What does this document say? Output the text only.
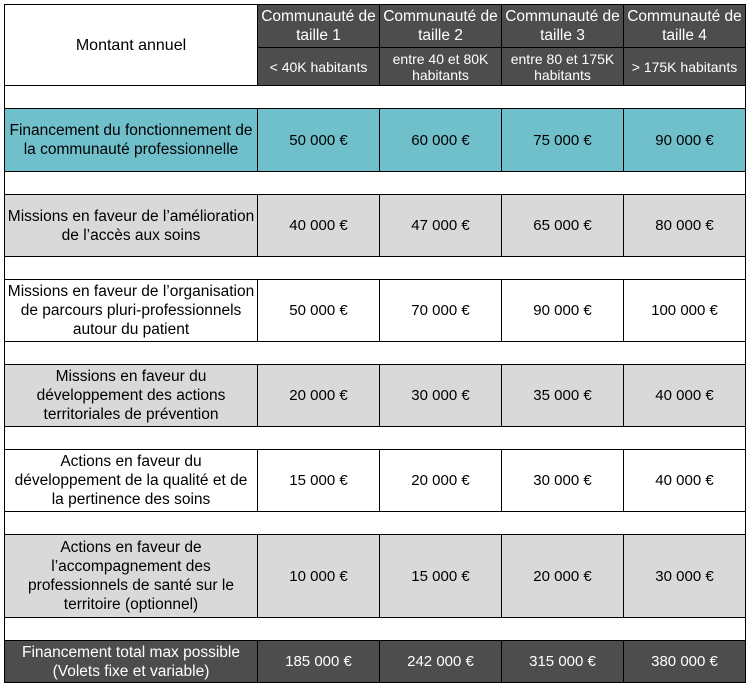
Montant annuel	Communauté de taille 1	Communauté de taille 2	Communauté de taille 3	Communauté de taille 4
	< 40K habitants	entre 40 et 80K habitants	entre 80 et 175K habitants	> 175K habitants

Financement du fonctionnement de la communauté professionnelle	50 000 €	60 000 €	75 000 €	90 000 €

Missions en faveur de l’amélioration de l’accès aux soins	40 000 €	47 000 €	65 000 €	80 000 €

Missions en faveur de l’organisation de parcours pluri-professionnels autour du patient	50 000 €	70 000 €	90 000 €	100 000 €

Missions en faveur du développement des actions territoriales de prévention	20 000 €	30 000 €	35 000 €	40 000 €

Actions en faveur du développement de la qualité et de la pertinence des soins	15 000 €	20 000 €	30 000 €	40 000 €

Actions en faveur de l’accompagnement des professionnels de santé sur le territoire (optionnel)	10 000 €	15 000 €	20 000 €	30 000 €

Financement total max possible (Volets fixe et variable)	185 000 €	242 000 €	315 000 €	380 000 €
